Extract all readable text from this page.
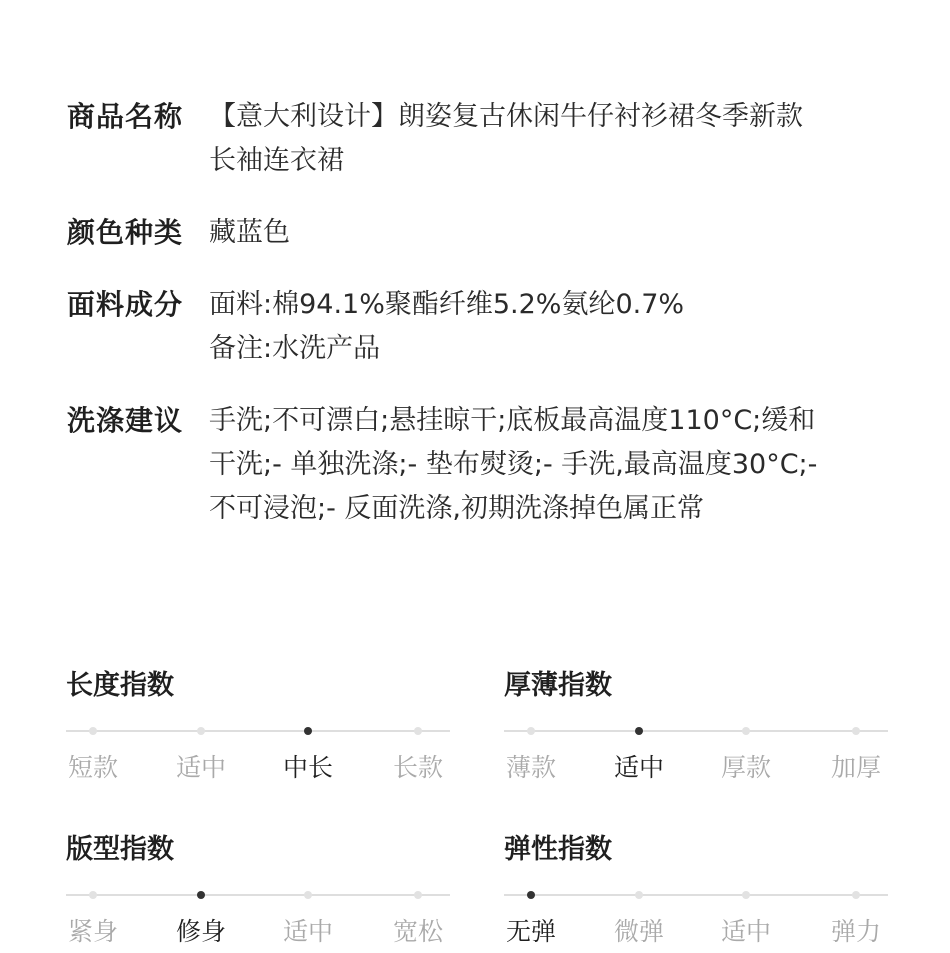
商品名称 【意大利设计】朗姿复古休闲牛仔衬衫裙冬季新款
长袖连衣裙
颜色种类 藏蓝色
面料成分 面料:棉94.1%聚酯纤维5.2%氨纶0.7%
备注:水洗产品
洗涤建议 手洗;不可漂白;悬挂晾干;底板最高温度110°C;缓和
干洗;- 单独洗涤;- 垫布熨烫;- 手洗,最高温度30°C;-
不可浸泡;- 反面洗涤,初期洗涤掉色属正常
长度指数
短款	适中	中长	长款
厚薄指数
薄款	适中	厚款	加厚
版型指数
紧身	修身	适中	宽松
弹性指数
无弹	微弹	适中	弹力
